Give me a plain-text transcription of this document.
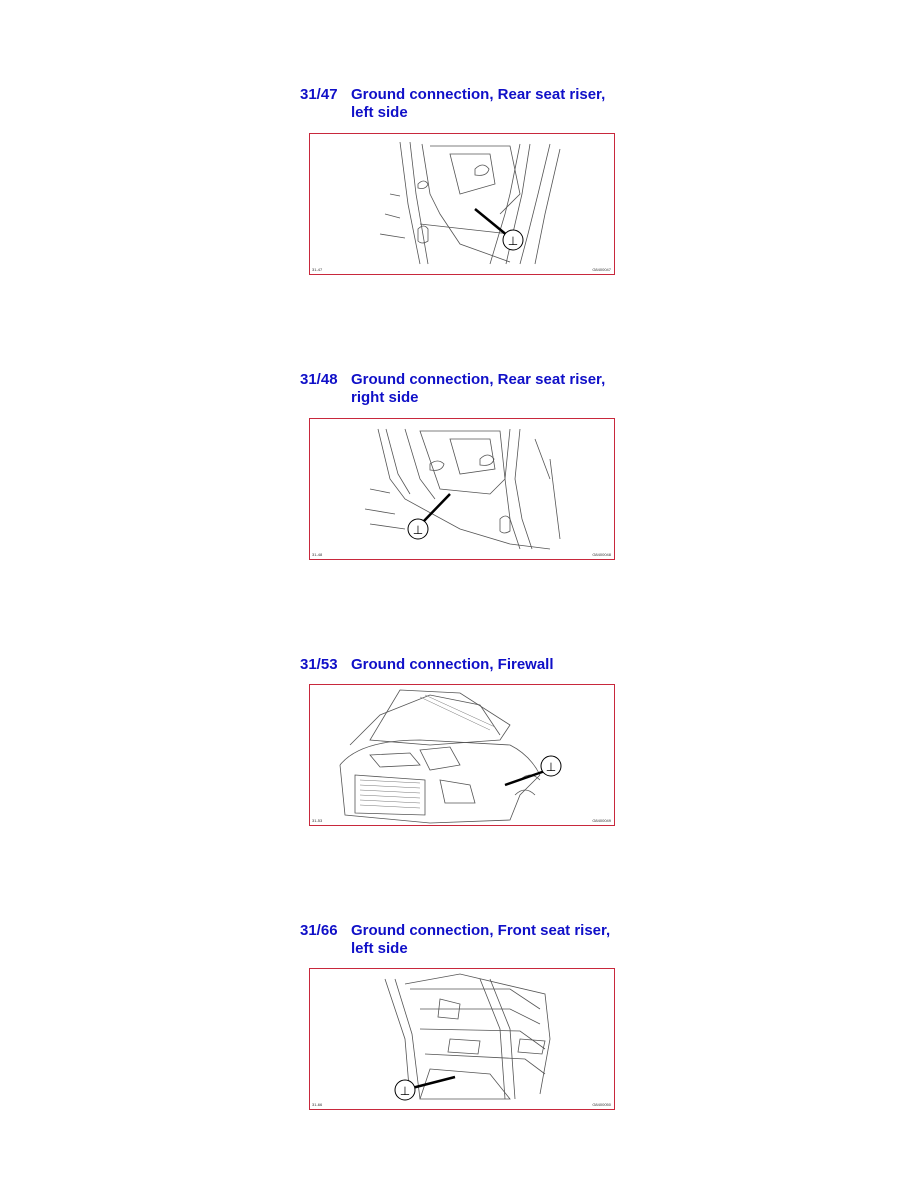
31/47 Ground connection, Rear seat riser,
left side
⊥
31-47	G8400047
31/48 Ground connection, Rear seat riser,
right side
⊥
31-48	G8400048
31/53 Ground connection, Firewall
⊥
31-53	G8400049
31/66 Ground connection, Front seat riser,
left side
⊥
31-66	G8400050
